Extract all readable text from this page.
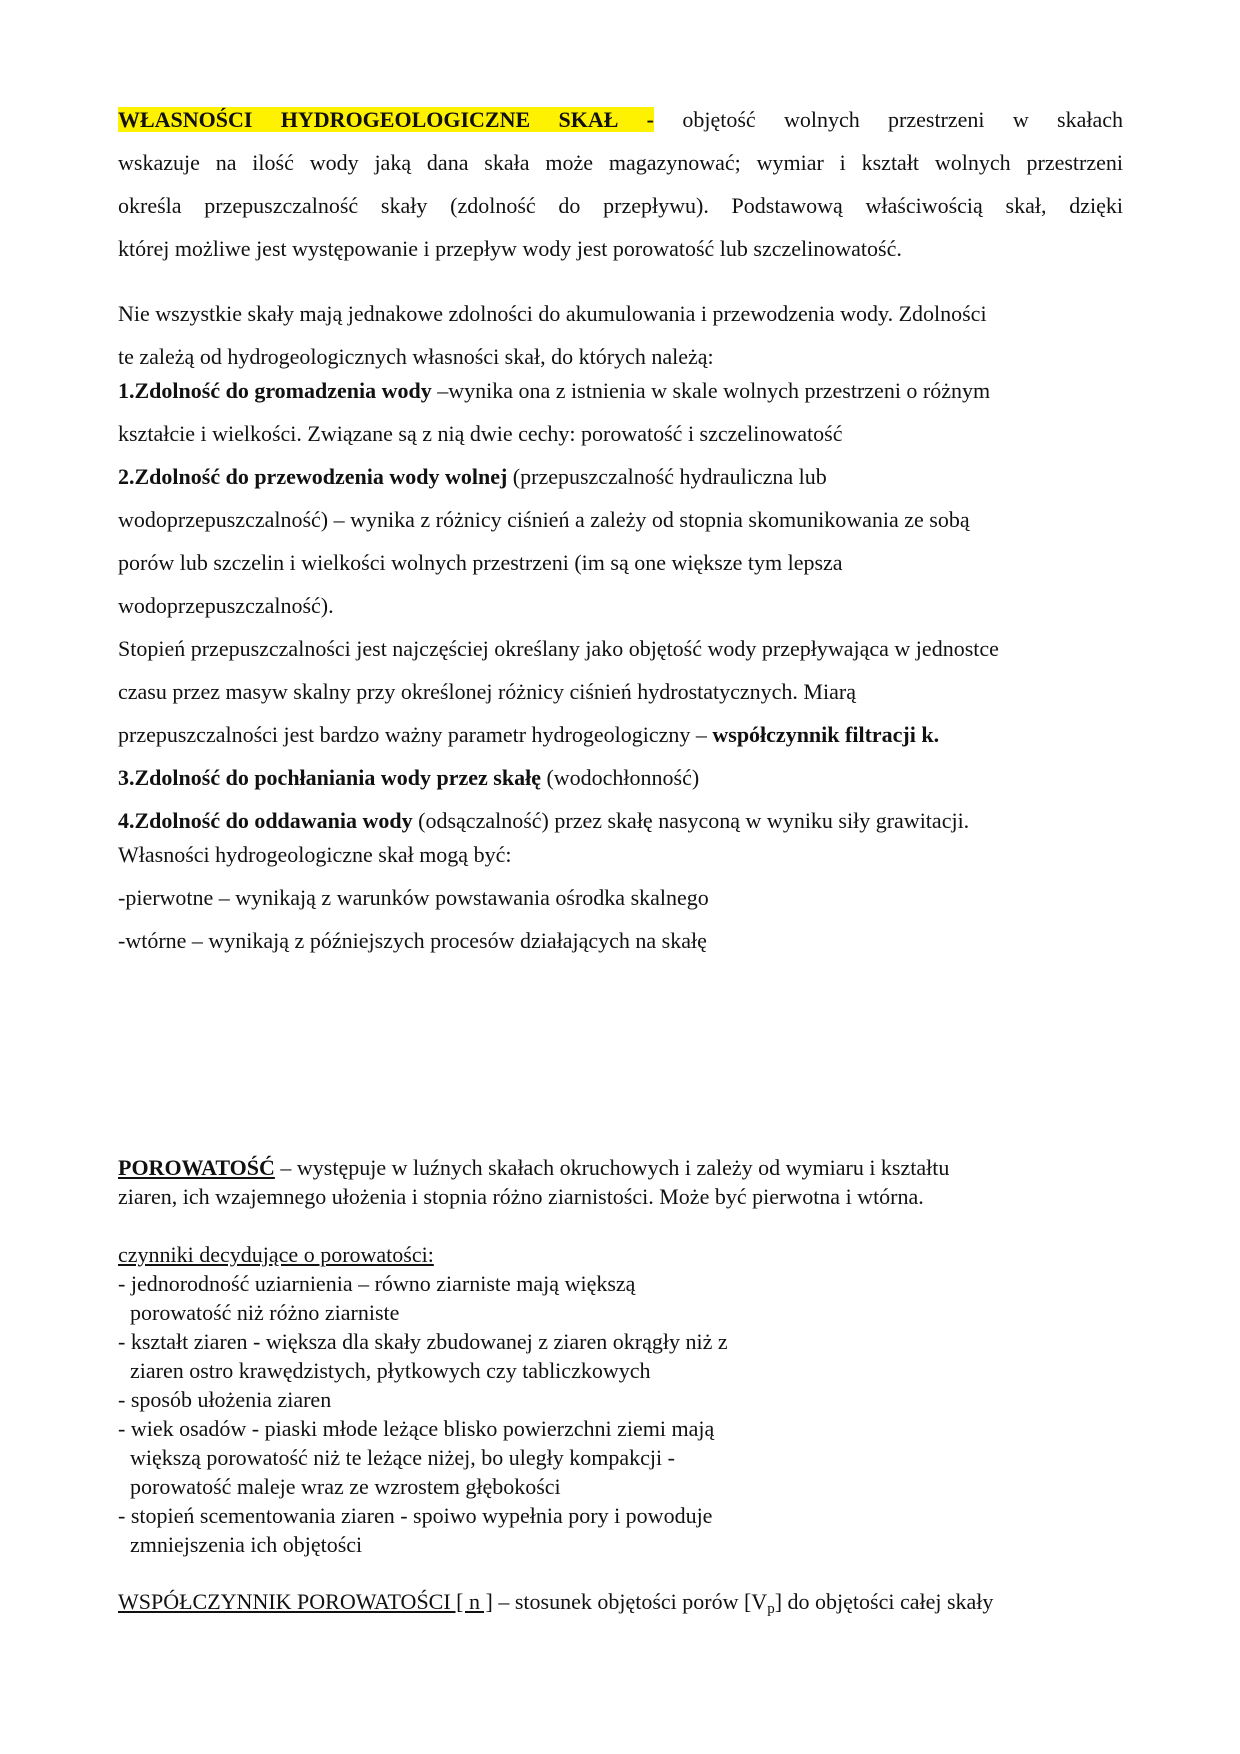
WŁASNOŚCI HYDROGEOLOGICZNE SKAŁ - objętość wolnych przestrzeni w skałach
wskazuje na ilość wody jaką dana skała może magazynować; wymiar i kształt wolnych przestrzeni
określa przepuszczalność skały (zdolność do przepływu). Podstawową właściwością skał, dzięki
której możliwe jest występowanie i przepływ wody jest porowatość lub szczelinowatość.
Nie wszystkie skały mają jednakowe zdolności do akumulowania i przewodzenia wody. Zdolności
te zależą od hydrogeologicznych własności skał, do których należą:
1.Zdolność do gromadzenia wody –wynika ona z istnienia w skale wolnych przestrzeni o różnym
kształcie i wielkości. Związane są z nią dwie cechy: porowatość i szczelinowatość
2.Zdolność do przewodzenia wody wolnej (przepuszczalność hydrauliczna lub
wodoprzepuszczalność) – wynika z różnicy ciśnień a zależy od stopnia skomunikowania ze sobą
porów lub szczelin i wielkości wolnych przestrzeni (im są one większe tym lepsza
wodoprzepuszczalność).
Stopień przepuszczalności jest najczęściej określany jako objętość wody przepływająca w jednostce
czasu przez masyw skalny przy określonej różnicy ciśnień hydrostatycznych. Miarą
przepuszczalności jest bardzo ważny parametr hydrogeologiczny – współczynnik filtracji k.
3.Zdolność do pochłaniania wody przez skałę (wodochłonność)
4.Zdolność do oddawania wody (odsączalność) przez skałę nasyconą w wyniku siły grawitacji.
Własności hydrogeologiczne skał mogą być:
-pierwotne – wynikają z warunków powstawania ośrodka skalnego
-wtórne – wynikają z późniejszych procesów działających na skałę
POROWATOŚĆ – występuje w luźnych skałach okruchowych i zależy od wymiaru i kształtu
ziaren, ich wzajemnego ułożenia i stopnia różno ziarnistości. Może być pierwotna i wtórna.
czynniki decydujące o porowatości:
- jednorodność uziarnienia – równo ziarniste mają większą
porowatość niż różno ziarniste
- kształt ziaren - większa dla skały zbudowanej z ziaren okrągły niż z
ziaren ostro krawędzistych, płytkowych czy tabliczkowych
- sposób ułożenia ziaren
- wiek osadów - piaski młode leżące blisko powierzchni ziemi mają
większą porowatość niż te leżące niżej, bo uległy kompakcji -
porowatość maleje wraz ze wzrostem głębokości
- stopień scementowania ziaren - spoiwo wypełnia pory i powoduje
zmniejszenia ich objętości
WSPÓŁCZYNNIK POROWATOŚCI [ n ] – stosunek objętości porów $[V_p]$ do objętości całej skały
